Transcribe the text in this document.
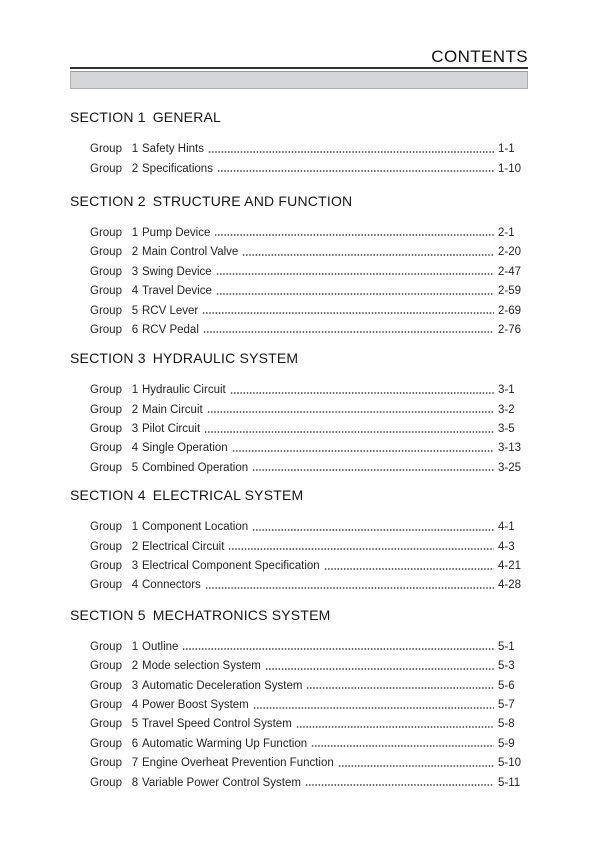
CONTENTS
SECTION 1 GENERAL
Group 1 Safety Hints	1-1
Group 2 Specifications	1-10
SECTION 2 STRUCTURE AND FUNCTION
Group 1 Pump Device	2-1
Group 2 Main Control Valve	2-20
Group 3 Swing Device	2-47
Group 4 Travel Device	2-59
Group 5 RCV Lever	2-69
Group 6 RCV Pedal	2-76
SECTION 3 HYDRAULIC SYSTEM
Group 1 Hydraulic Circuit	3-1
Group 2 Main Circuit	3-2
Group 3 Pilot Circuit	3-5
Group 4 Single Operation	3-13
Group 5 Combined Operation	3-25
SECTION 4 ELECTRICAL SYSTEM
Group 1 Component Location	4-1
Group 2 Electrical Circuit	4-3
Group 3 Electrical Component Specification	4-21
Group 4 Connectors	4-28
SECTION 5 MECHATRONICS SYSTEM
Group 1 Outline	5-1
Group 2 Mode selection System	5-3
Group 3 Automatic Deceleration System	5-6
Group 4 Power Boost System	5-7
Group 5 Travel Speed Control System	5-8
Group 6 Automatic Warming Up Function	5-9
Group 7 Engine Overheat Prevention Function	5-10
Group 8 Variable Power Control System	5-11
